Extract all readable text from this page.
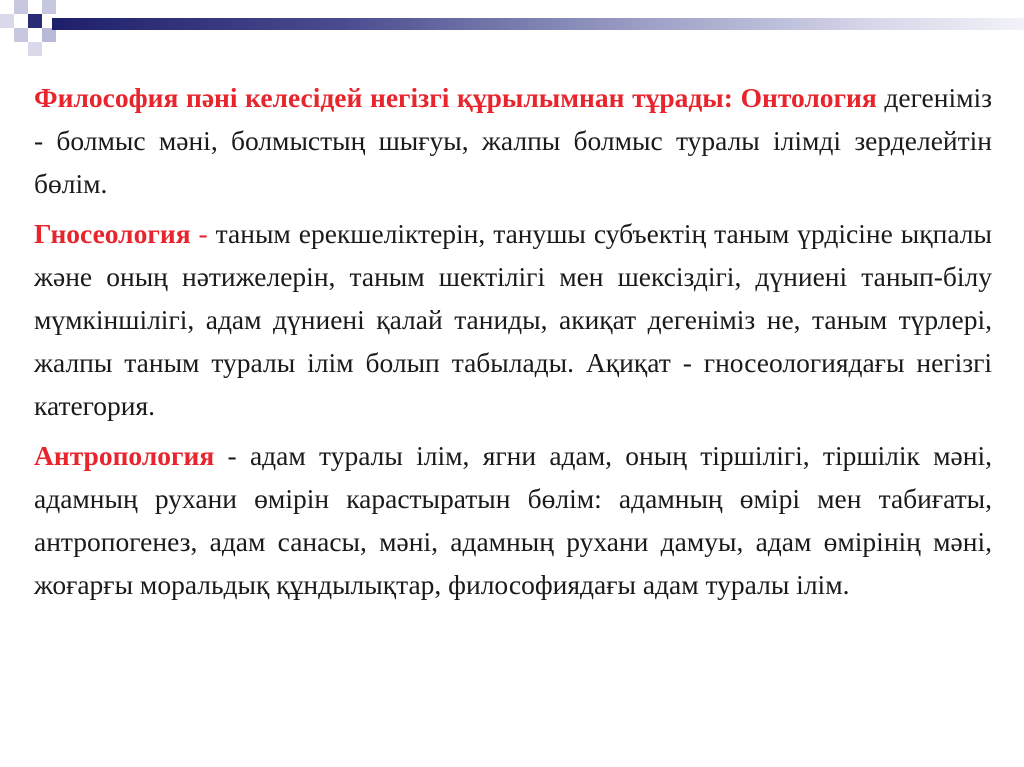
Философия пәні келесідей негізгі құрылымнан тұрады: Онтология дегеніміз - болмыс мәні, болмыстың шығуы, жалпы болмыс туралы ілімді зерделейтін бөлім.

Гносеология - таным ерекшеліктерін, танушы субъектің таным үрдісіне ықпалы және оның нәтижелерін, таным шектілігі мен шексіздігі, дүниені танып-білу мүмкіншілігі, адам дүниені қалай таниды, акиқат дегеніміз не, таным түрлері, жалпы таным туралы ілім болып табылады. Ақиқат - гносеологиядағы негізгі категория.

Антропология - адам туралы ілім, ягни адам, оның тіршілігі, тіршілік мәні, адамның рухани өмірін карастыратын бөлім: адамның өмірі мен табиғаты, антропогенез, адам санасы, мәні, адамның рухани дамуы, адам өмірінің мәні, жоғарғы моральдық құндылықтар, философиядағы адам туралы ілім.
